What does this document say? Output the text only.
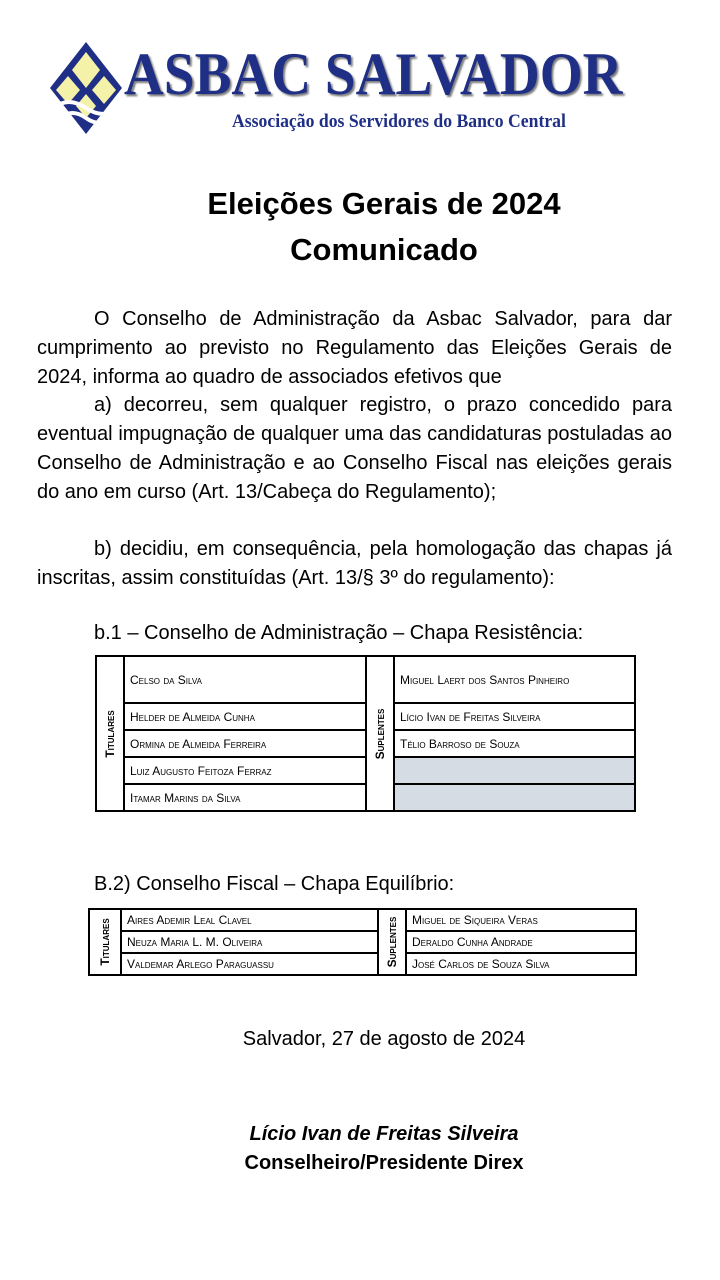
ASBAC SALVADOR
Associação dos Servidores do Banco Central
Eleições Gerais de 2024
Comunicado
O Conselho de Administração da Asbac Salvador, para dar cumprimento ao previsto no Regulamento das Eleições Gerais de 2024, informa ao quadro de associados efetivos que
a) decorreu, sem qualquer registro, o prazo concedido para eventual impugnação de qualquer uma das candidaturas postuladas ao Conselho de Administração e ao Conselho Fiscal nas eleições gerais do ano em curso (Art. 13/Cabeça do Regulamento);
b) decidiu, em consequência, pela homologação das chapas já inscritas, assim constituídas (Art. 13/§ 3º do regulamento):
b.1 – Conselho de Administração – Chapa Resistência:
Titulares	Celso da Silva	Suplentes	Miguel Laert dos Santos Pinheiro
	Helder de Almeida Cunha		Lício Ivan de Freitas Silveira
	Ormina de Almeida Ferreira		Télio Barroso de Souza
	Luiz Augusto Feitoza Ferraz		
	Itamar Marins da Silva		
B.2) Conselho Fiscal – Chapa Equilíbrio:
Titulares	Aires Ademir Leal Clavel	Suplentes	Miguel de Siqueira Veras
	Neuza Maria L. M. Oliveira		Deraldo Cunha Andrade
	Valdemar Arlego Paraguassu		José Carlos de Souza Silva
Salvador, 27 de agosto de 2024
Lício Ivan de Freitas Silveira
Conselheiro/Presidente Direx
